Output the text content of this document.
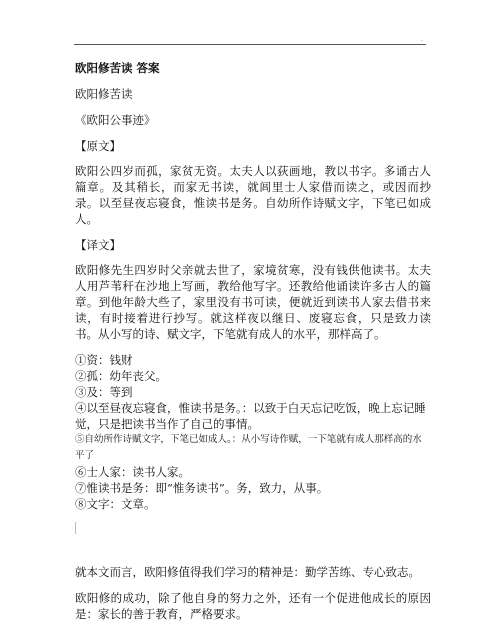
.
欧阳修苦读 答案
欧阳修苦读
《欧阳公事迹》
【原文】
欧阳公四岁而孤，家贫无资。太夫人以荻画地，教以书字。多诵古人篇章。及其稍长，而家无书读，就闾里士人家借而读之，或因而抄录。以至昼夜忘寝食，惟读书是务。自幼所作诗赋文字，下笔已如成人。
【译文】
欧阳修先生四岁时父亲就去世了，家境贫寒，没有钱供他读书。太夫人用芦苇秆在沙地上写画，教给他写字。还教给他诵读许多古人的篇章。到他年龄大些了，家里没有书可读，便就近到读书人家去借书来读，有时接着进行抄写。就这样夜以继日、废寝忘食，只是致力读书。从小写的诗、赋文字，下笔就有成人的水平，那样高了。
①资：钱财
②孤：幼年丧父。
③及：等到
④以至昼夜忘寝食，惟读书是务。：以致于白天忘记吃饭，晚上忘记睡觉，只是把读书当作了自己的事情。
⑤自幼所作诗赋文字，下笔已如成人。：从小写诗作赋，一下笔就有成人那样高的水平了
⑥士人家：读书人家。
⑦惟读书是务：即“惟务读书”。务，致力，从事。
⑧文字：文章。
就本文而言，欧阳修值得我们学习的精神是：勤学苦练、专心致志。
欧阳修的成功，除了他自身的努力之外，还有一个促进他成长的原因是：家长的善于教育，严格要求。
